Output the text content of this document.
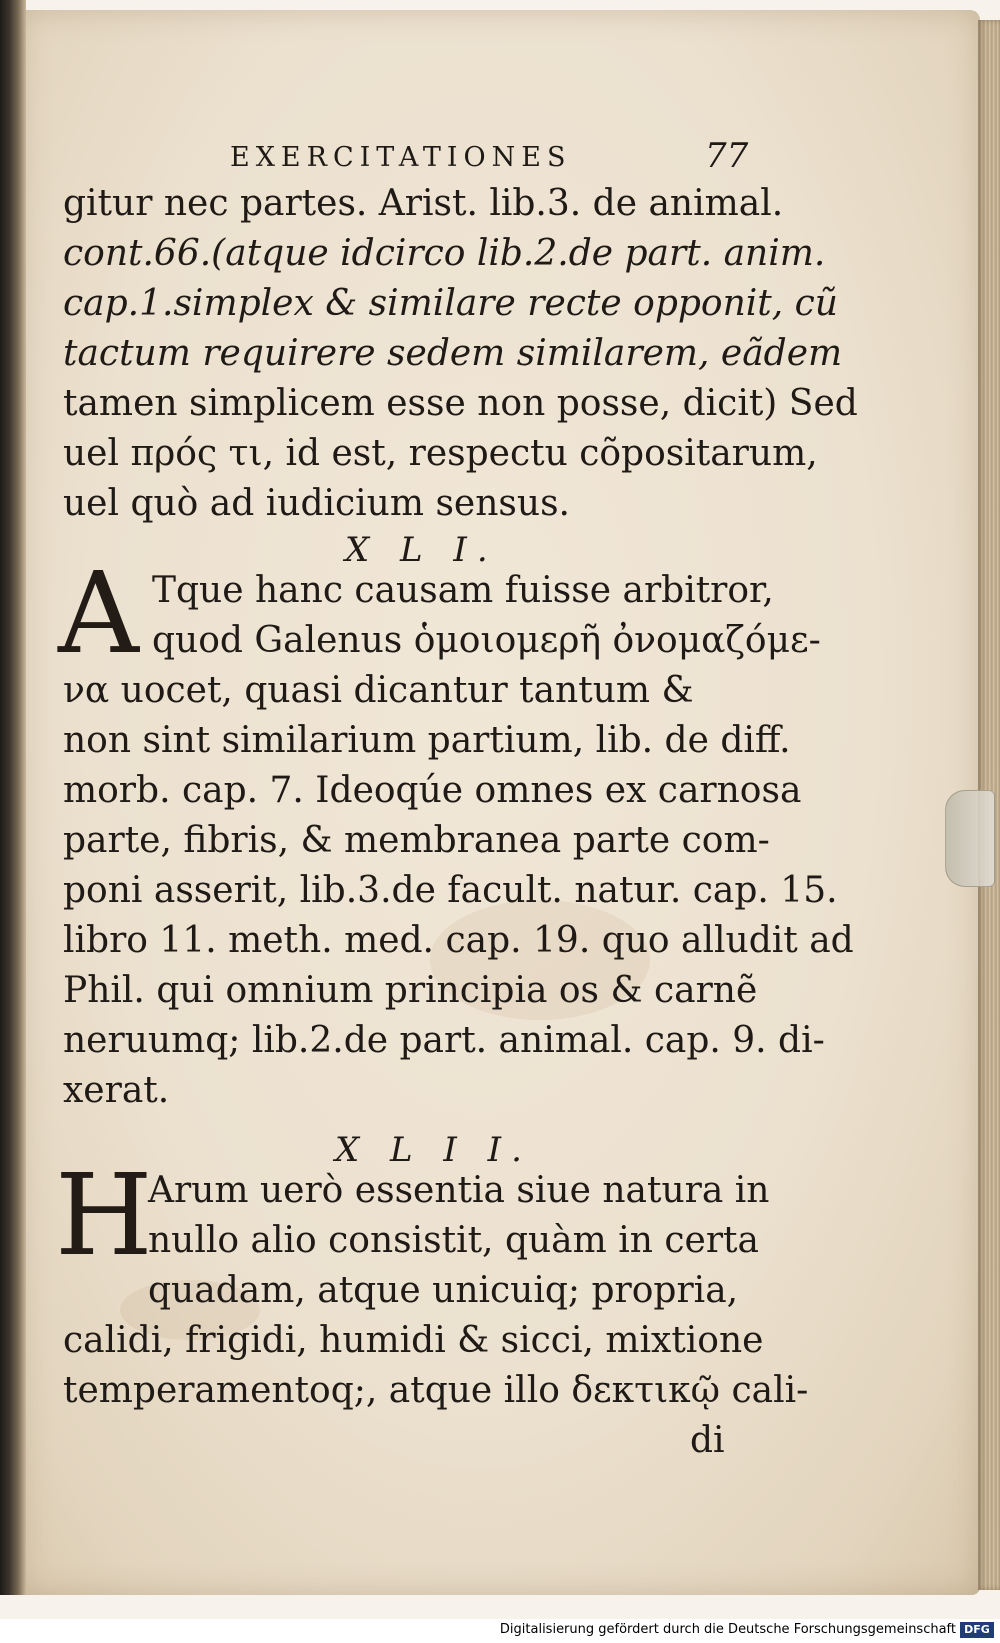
EXERCITATIONES	77
gitur nec partes. Arist. lib.3. de animal.
cont.66.(atque idcirco lib.2.de part. anim.
cap.1.simplex & similare recte opponit, cũ
tactum requirere sedem similarem, eãdem
tamen simplicem esse non posse, dicit) Sed
uel πρός τι, id est, respectu cõpositarum,
uel quò ad iudicium sensus.
X L I.
A Tque hanc causam fuisse arbitror,
quod Galenus ὁμοιομερῆ ὀνομαζόμε-
να uocet, quasi dicantur tantum &
non sint similarium partium, lib. de diff.
morb. cap. 7. Ideoqúe omnes ex carnosa
parte, fibris, & membranea parte com-
poni asserit, lib.3.de facult. natur. cap. 15.
libro 11. meth. med. cap. 19. quo alludit ad
Phil. qui omnium principia os & carnẽ
neruumq; lib.2.de part. animal. cap. 9. di-
xerat.
X L I I.
H
Arum uerò essentia siue natura in
nullo alio consistit, quàm in certa
quadam, atque unicuiq; propria,
calidi, frigidi, humidi & sicci, mixtione
temperamentoq;, atque illo δεκτικῷ cali-
di
Digitalisierung gefördert durch die Deutsche Forschungsgemeinschaft DFG
